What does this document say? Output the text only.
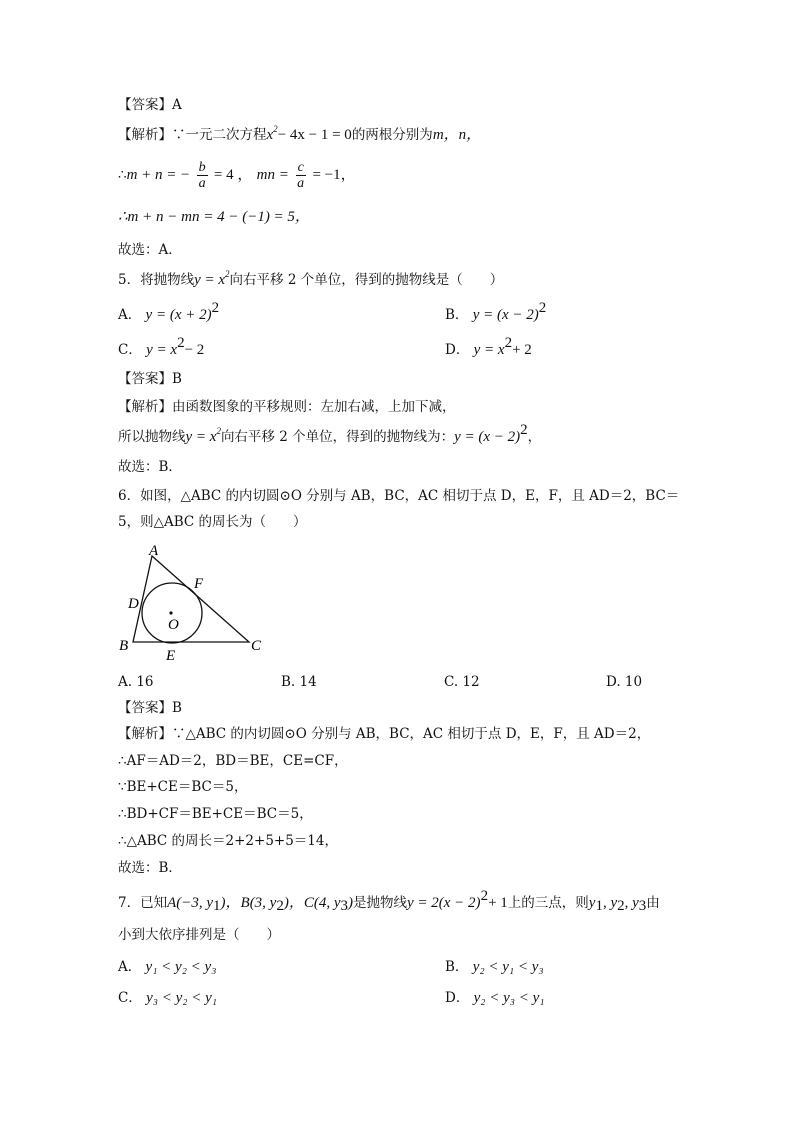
【答案】A
【解析】∵一元二次方程$x^2- 4x - 1 = 0$的两根分别为m，n，
∴m + n = − $\frac{b}{a} = 4$ ， mn = $\frac{c}{a} = -1$，
∴m + n − mn = 4 − (−1) = 5，
故选：A．
5．将抛物线$y = x^2$向右平移 2 个单位，得到的抛物线是（　　）
A． $y = (x + 2)^2$	B． $y = (x - 2)^2$
C． $y = x^2- 2$	D． $y = x^2+ 2$
【答案】B
【解析】由函数图象的平移规则：左加右减，上加下减，
所以抛物线$y = x^2$向右平移 2 个单位，得到的抛物线为：$y = (x - 2)^2$，
故选：B．
6．如图，△ABC 的内切圆⊙O 分别与 AB，BC，AC 相切于点 D，E，F，且 AD＝2，BC＝
5，则△ABC 的周长为（　　）
A
B	C
D
E
F
O
A. 16	B. 14	C. 12	D. 10
【答案】B
【解析】∵△ABC 的内切圆⊙O 分别与 AB，BC，AC 相切于点 D，E，F，且 AD＝2，
∴AF＝AD＝2，BD＝BE，CE=CF，
∵BE+CE＝BC＝5，
∴BD+CF＝BE+CE＝BC＝5，
∴△ABC 的周长＝2+2+5+5＝14，
故选：B．
7．已知A(−3, $y_1$)，B(3, $y_2$)，C(4, $y_3$)是抛物线$y = 2(x - 2)^2+ 1$上的三点，则$y_1$, $y_2$, $y_3$由
小到大依序排列是（　　）
A． y₁ < y₂ < y₃	B． y₂ < y₁ < y₃
C． y₃ < y₂ < y₁	D． y₂ < y₃ < y₁
